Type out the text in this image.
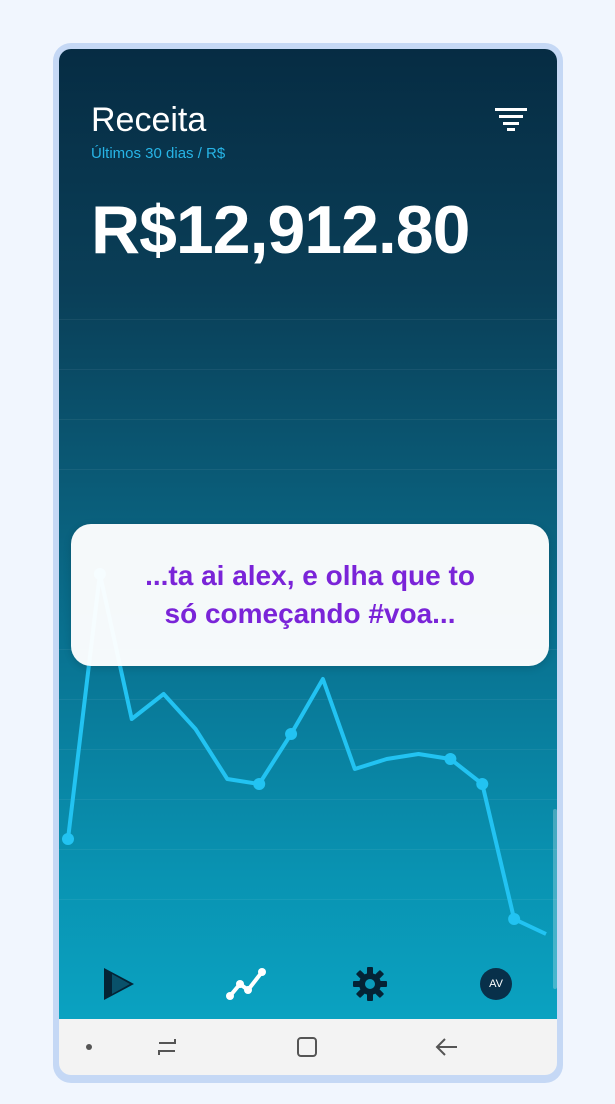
Receita
Últimos 30 dias / R$
R$12,912.80
AV
...ta ai alex, e olha que to
só começando #voa...
